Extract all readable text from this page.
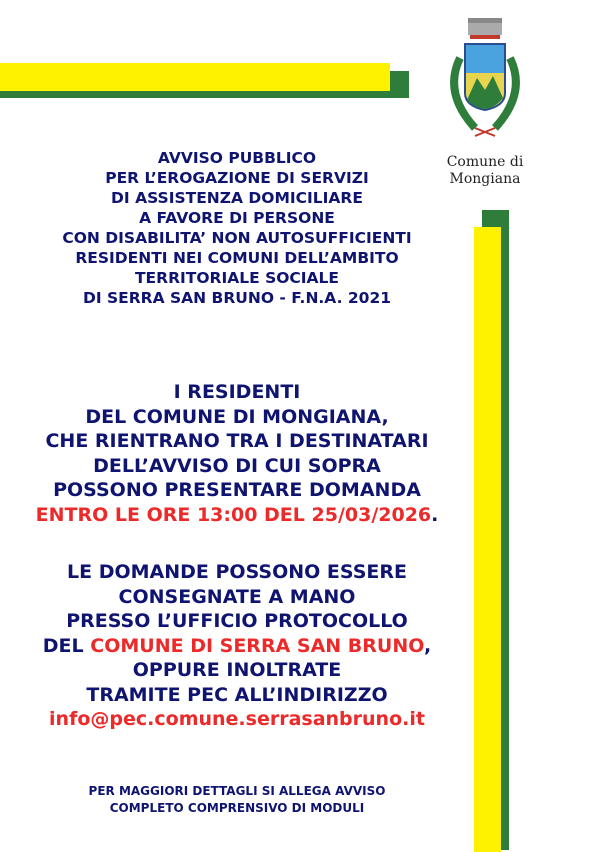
Comune di
Mongiana
AVVISO PUBBLICO
PER L’EROGAZIONE DI SERVIZI
DI ASSISTENZA DOMICILIARE
A FAVORE DI PERSONE
CON DISABILITA’ NON AUTOSUFFICIENTI
RESIDENTI NEI COMUNI DELL’AMBITO
TERRITORIALE SOCIALE
DI SERRA SAN BRUNO - F.N.A. 2021
I RESIDENTI
DEL COMUNE DI MONGIANA,
CHE RIENTRANO TRA I DESTINATARI
DELL’AVVISO DI CUI SOPRA
POSSONO PRESENTARE DOMANDA
ENTRO LE ORE 13:00 DEL 25/03/2026.
LE DOMANDE POSSONO ESSERE
CONSEGNATE A MANO
PRESSO L’UFFICIO PROTOCOLLO
DEL COMUNE DI SERRA SAN BRUNO,
OPPURE INOLTRATE
TRAMITE PEC ALL’INDIRIZZO
info@pec.comune.serrasanbruno.it
PER MAGGIORI DETTAGLI SI ALLEGA AVVISO
COMPLETO COMPRENSIVO DI MODULI
